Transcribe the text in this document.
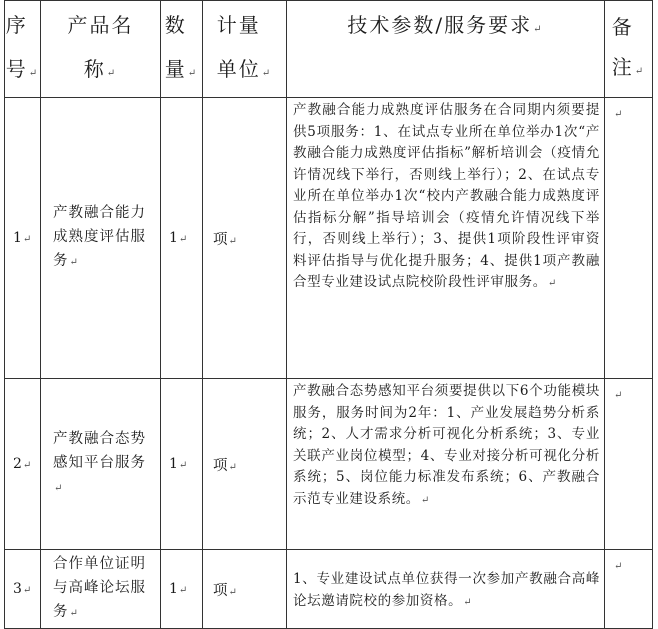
序
号↵	产品名
称↵	数
量↵	计量
单位↵	技术参数/服务要求↵	备
注↵
1↵	产教融合能力成熟度评估服务↵	1↵	项↵	产教融合能力成熟度评估服务在合同期内须要提供5项服务：1、在试点专业所在单位举办1次“产教融合能力成熟度评估指标”解析培训会（疫情允许情况线下举行，否则线上举行）；2、在试点专业所在单位举办1次“校内产教融合能力成熟度评估指标分解”指导培训会（疫情允许情况线下举行，否则线上举行）；3、提供1项阶段性评审资料评估指导与优化提升服务；4、提供1项产教融合型专业建设试点院校阶段性评审服务。↵	↵
2↵	产教融合态势感知平台服务↵	1↵	项↵	产教融合态势感知平台须要提供以下6个功能模块服务，服务时间为2年：1、产业发展趋势分析系统；2、人才需求分析可视化分析系统；3、专业关联产业岗位模型；4、专业对接分析可视化分析系统；5、岗位能力标准发布系统；6、产教融合示范专业建设系统。↵	↵
3↵	合作单位证明与高峰论坛服务↵	1↵	项↵	1、专业建设试点单位获得一次参加产教融合高峰论坛邀请院校的参加资格。↵	↵
